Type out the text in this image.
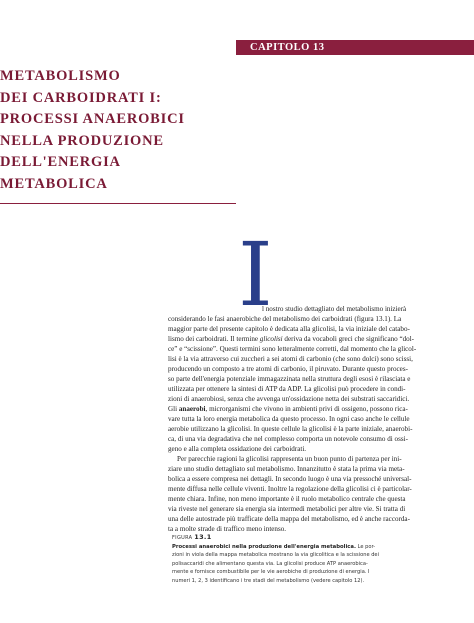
CAPITOLO 13
METABOLISMO
DEI CARBOIDRATI I:
PROCESSI ANAEROBICI
NELLA PRODUZIONE
DELL'ENERGIA
METABOLICA
I
l nostro studio dettagliato del metabolismo inizierà
considerando le fasi anaerobiche del metabolismo dei carboidrati (figura 13.1). La
maggior parte del presente capitolo è dedicata alla glicolisi, la via iniziale del catabo-
lismo dei carboidrati. Il termine glicolisi deriva da vocaboli greci che significano “dol-
ce” e “scissione”. Questi termini sono letteralmente corretti, dal momento che la glicol-
lisi è la via attraverso cui zuccheri a sei atomi di carbonio (che sono dolci) sono scissi,
producendo un composto a tre atomi di carbonio, il piruvato. Durante questo proces-
so parte dell'energia potenziale immagazzinata nella struttura degli esosi è rilasciata e
utilizzata per ottenere la sintesi di ATP da ADP. La glicolisi può procedere in condi-
zioni di anaerobiosi, senza che avvenga un'ossidazione netta dei substrati saccaridici.
Gli anaerobi, microrganismi che vivono in ambienti privi di ossigeno, possono rica-
vare tutta la loro energia metabolica da questo processo. In ogni caso anche le cellule
aerobie utilizzano la glicolisi. In queste cellule la glicolisi è la parte iniziale, anaerobi-
ca, di una via degradativa che nel complesso comporta un notevole consumo di ossi-
geno e alla completa ossidazione dei carboidrati.
Per parecchie ragioni la glicolisi rappresenta un buon punto di partenza per ini-
ziare uno studio dettagliato sul metabolismo. Innanzitutto è stata la prima via meta-
bolica a essere compresa nei dettagli. In secondo luogo è una via pressoché universal-
mente diffusa nelle cellule viventi. Inoltre la regolazione della glicolisi ci è particolar-
mente chiara. Infine, non meno importante è il ruolo metabolico centrale che questa
via riveste nel generare sia energia sia intermedi metabolici per altre vie. Si tratta di
una delle autostrade più trafficate della mappa del metabolismo, ed è anche raccorda-
ta a molte strade di traffico meno intenso.
FIGURA 13.1
Processi anaerobici nella produzione dell'energia metabolica. Le por-
zioni in viola della mappa metabolica mostrano la via glicolitica e la scissione dei
polisaccaridi che alimentano questa via. La glicolisi produce ATP anaerobica-
mente e fornisce combustibile per le vie aerobiche di produzione di energia. I
numeri 1, 2, 3 identificano i tre stadi del metabolismo (vedere capitolo 12).
